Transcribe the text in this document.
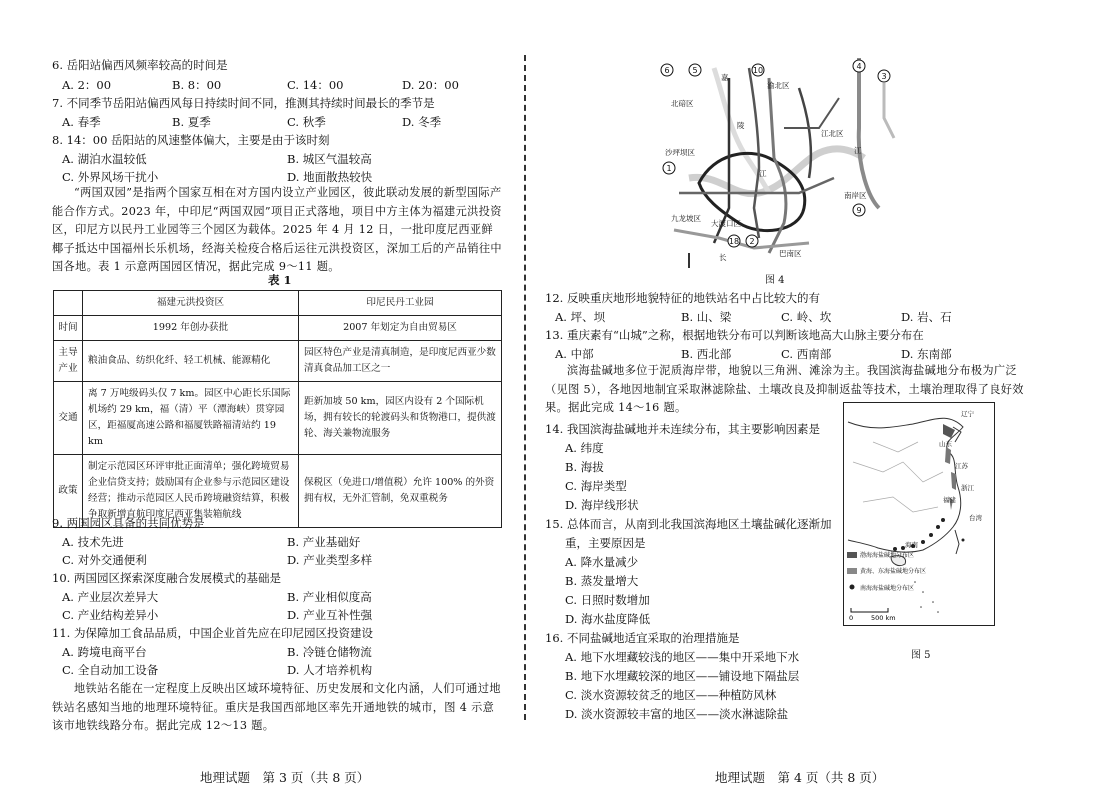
6. 岳阳站偏西风频率较高的时间是
A. 2：00	B. 8：00	C. 14：00	D. 20：00
7. 不同季节岳阳站偏西风每日持续时间不同，推测其持续时间最长的季节是
A. 春季	B. 夏季	C. 秋季	D. 冬季
8. 14：00 岳阳站的风速整体偏大，主要是由于该时刻
A. 湖泊水温较低	B. 城区气温较高
C. 外界风场干扰小	D. 地面散热较快
“两国双园”是指两个国家互相在对方国内设立产业园区，彼此联动发展的新型国际产能合作方式。2023 年，中印尼“两国双园”项目正式落地，项目中方主体为福建元洪投资区，印尼方以民丹工业园等三个园区为载体。2025 年 4 月 12 日，一批印度尼西亚鲜椰子抵达中国福州长乐机场，经海关检疫合格后运往元洪投资区，深加工后的产品销往中国各地。表 1 示意两国园区情况，据此完成 9～11 题。
表 1
	福建元洪投资区	印尼民丹工业园
时间	1992 年创办获批	2007 年划定为自由贸易区
主导产业	粮油食品、纺织化纤、轻工机械、能源精化	园区特色产业是清真制造，是印度尼西亚少数清真食品加工区之一
交通	离 7 万吨级码头仅 7 km。园区中心距长乐国际机场约 29 km，福（清）平（潭海峡）贯穿园区，距福厦高速公路和福厦铁路福清站约 19 km	距新加坡 50 km，园区内设有 2 个国际机场，拥有较长的轮渡码头和货物港口，提供渡轮、海关兼物流服务
政策	制定示范园区环评审批正面清单；强化跨境贸易企业信贷支持；鼓励国有企业参与示范园区建设经营；推动示范园区人民币跨境融资结算，积极争取新增直航印度尼西亚集装箱航线	保税区（免进口/增值税）允许 100% 的外资拥有权，无外汇管制，免双重税务
9. 两国园区具备的共同优势是
A. 技术先进	B. 产业基础好
C. 对外交通便利	D. 产业类型多样
10. 两国园区探索深度融合发展模式的基础是
A. 产业层次差异大	B. 产业相似度高
C. 产业结构差异小	D. 产业互补性强
11. 为保障加工食品品质，中国企业首先应在印尼园区投资建设
A. 跨境电商平台	B. 冷链仓储物流
C. 全自动加工设备	D. 人才培养机构
地铁站名能在一定程度上反映出区域环境特征、历史发展和文化内涵，人们可通过地铁站名感知当地的地理环境特征。重庆是我国西部地区率先开通地铁的城市，图 4 示意该市地铁线路分布。据此完成 12～13 题。
地理试题　第 3 页（共 8 页）
6	5	10	4
3
1
9
18 2
北碚区
渝北区
沙坪坝区
江北区
九龙坡区
大渡口区
南岸区
巴南区
嘉
陵
江
江
长
图 4
12. 反映重庆地形地貌特征的地铁站名中占比较大的有
A. 坪、坝	B. 山、梁	C. 岭、坎	D. 岩、石
13. 重庆素有“山城”之称，根据地铁分布可以判断该地高大山脉主要分布在
A. 中部	B. 西北部	C. 西南部	D. 东南部
滨海盐碱地多位于泥质海岸带，地貌以三角洲、滩涂为主。我国滨海盐碱地分布极为广泛（见图 5），各地因地制宜采取淋滤除盐、土壤改良及抑制返盐等技术，土壤治理取得了良好效果。据此完成 14～16 题。	辽宁
山东
江苏
浙江
福建
台湾
海南
渤海海盐碱地分布区
黄海、东海盐碱地分布区
南海海盐碱地分布区
0	500 km
图 5
14. 我国滨海盐碱地并未连续分布，其主要影响因素是
A. 纬度
B. 海拔
C. 海岸类型
D. 海岸线形状
15. 总体而言，从南到北我国滨海地区土壤盐碱化逐渐加
重，主要原因是
A. 降水量减少
B. 蒸发量增大
C. 日照时数增加
D. 海水盐度降低
16. 不同盐碱地适宜采取的治理措施是
A. 地下水埋藏较浅的地区——集中开采地下水
B. 地下水埋藏较深的地区——铺设地下隔盐层
C. 淡水资源较贫乏的地区——种植防风林
D. 淡水资源较丰富的地区——淡水淋滤除盐
地理试题　第 4 页（共 8 页）
